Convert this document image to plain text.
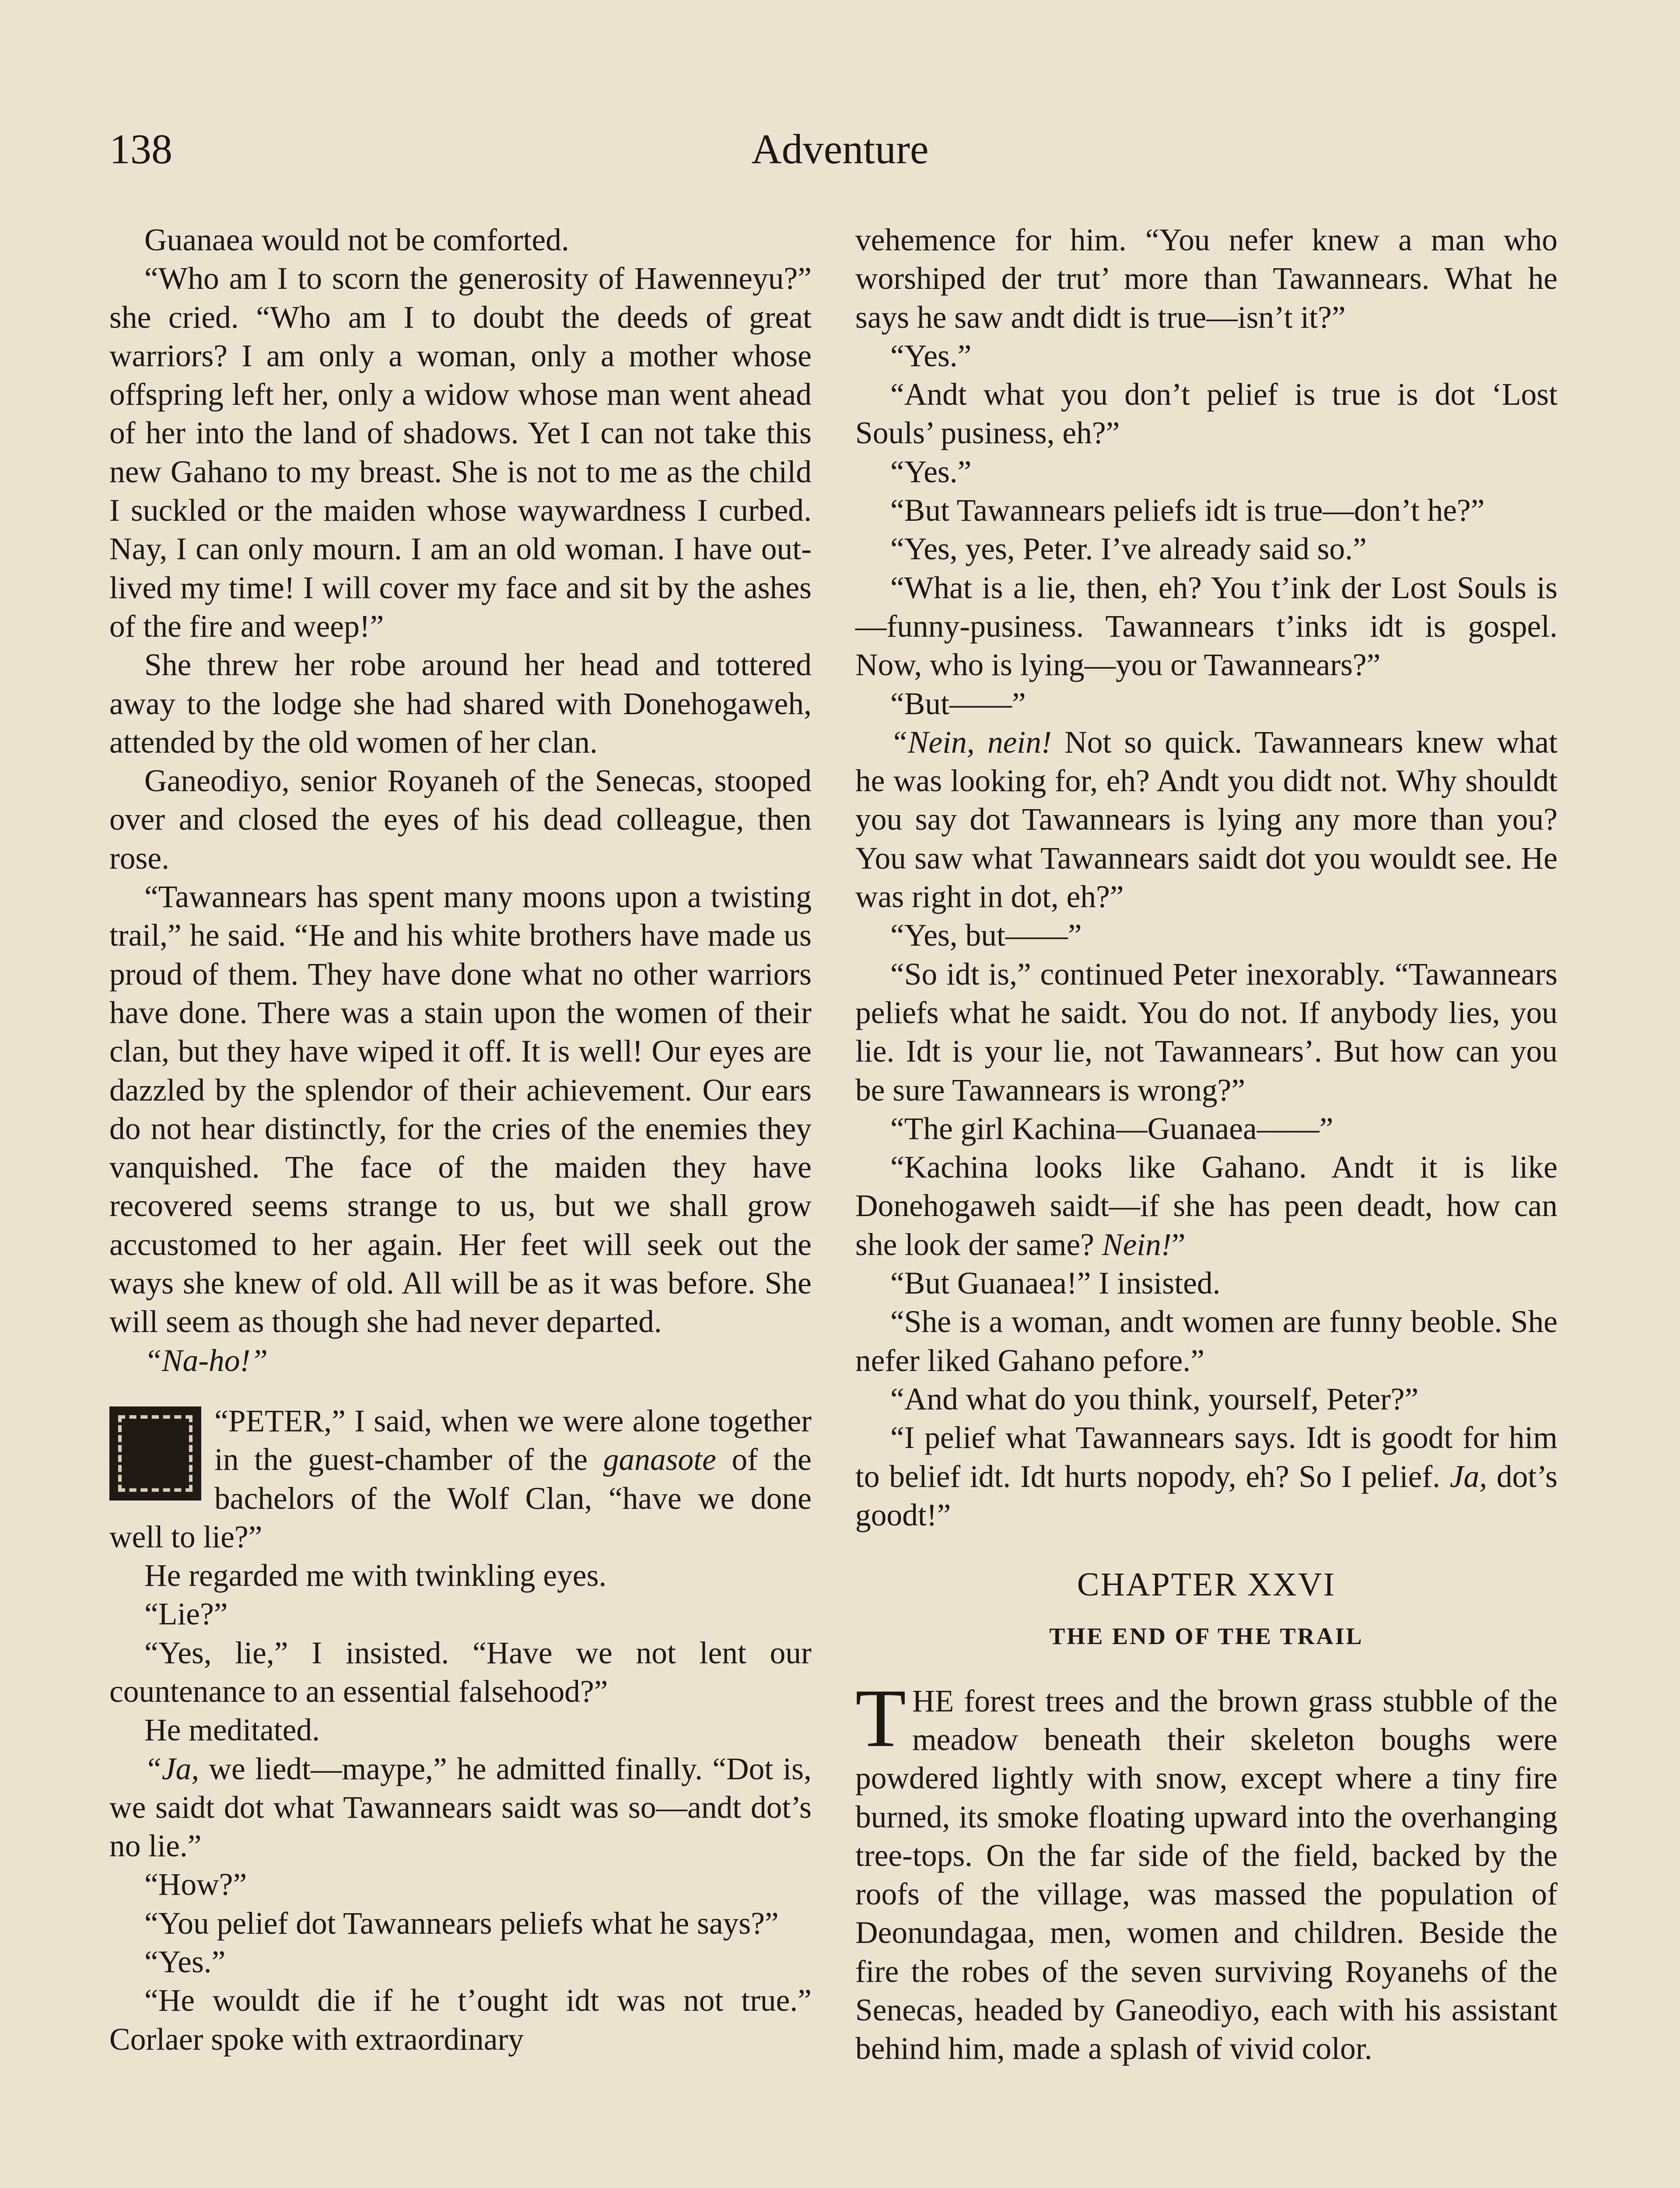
138	Adventure

Guanaea would not be comforted.

“Who am I to scorn the generosity of Hawenneyu?” she cried. “Who am I to doubt the deeds of great warriors? I am only a woman, only a mother whose offspring left her, only a widow whose man went ahead of her into the land of shadows. Yet I can not take this new Gahano to my breast. She is not to me as the child I suckled or the maiden whose waywardness I curbed. Nay, I can only mourn. I am an old woman. I have out-lived my time! I will cover my face and sit by the ashes of the fire and weep!”

She threw her robe around her head and tottered away to the lodge she had shared with Donehogaweh, attended by the old women of her clan.

Ganeodiyo, senior Royaneh of the Senecas, stooped over and closed the eyes of his dead colleague, then rose.

“Tawannears has spent many moons upon a twisting trail,” he said. “He and his white brothers have made us proud of them. They have done what no other warriors have done. There was a stain upon the women of their clan, but they have wiped it off. It is well! Our eyes are dazzled by the splendor of their achievement. Our ears do not hear distinctly, for the cries of the enemies they vanquished. The face of the maiden they have recovered seems strange to us, but we shall grow accustomed to her again. Her feet will seek out the ways she knew of old. All will be as it was before. She will seem as though she had never departed.

“Na-ho!”

“PETER,” I said, when we were alone together in the guest-chamber of the ganasote of the bachelors of the Wolf Clan, “have we done well to lie?”

He regarded me with twinkling eyes.

“Lie?”

“Yes, lie,” I insisted. “Have we not lent our countenance to an essential falsehood?”

He meditated.

“Ja, we liedt—maype,” he admitted finally. “Dot is, we saidt dot what Tawannears saidt was so—andt dot’s no lie.”

“How?”

“You pelief dot Tawannears peliefs what he says?”

“Yes.”

“He wouldt die if he t’ought idt was not true.” Corlaer spoke with extraordinary

vehemence for him. “You nefer knew a man who worshiped der trut’ more than Tawannears. What he says he saw andt didt is true—isn’t it?”

“Yes.”

“Andt what you don’t pelief is true is dot ‘Lost Souls’ pusiness, eh?”

“Yes.”

“But Tawannears peliefs idt is true—don’t he?”

“Yes, yes, Peter. I’ve already said so.”

“What is a lie, then, eh? You t’ink der Lost Souls is—funny-pusiness. Tawannears t’inks idt is gospel. Now, who is lying—you or Tawannears?”

“But——”

“Nein, nein! Not so quick. Tawannears knew what he was looking for, eh? Andt you didt not. Why shouldt you say dot Tawannears is lying any more than you? You saw what Tawannears saidt dot you wouldt see. He was right in dot, eh?”

“Yes, but——”

“So idt is,” continued Peter inexorably. “Tawannears peliefs what he saidt. You do not. If anybody lies, you lie. Idt is your lie, not Tawannears’. But how can you be sure Tawannears is wrong?”

“The girl Kachina—Guanaea——”

“Kachina looks like Gahano. Andt it is like Donehogaweh saidt—if she has peen deadt, how can she look der same? Nein!”

“But Guanaea!” I insisted.

“She is a woman, andt women are funny beoble. She nefer liked Gahano pefore.”

“And what do you think, yourself, Peter?”

“I pelief what Tawannears says. Idt is goodt for him to belief idt. Idt hurts nopody, eh? So I pelief. Ja, dot’s goodt!”

CHAPTER XXVI
THE END OF THE TRAIL

THE forest trees and the brown grass stubble of the meadow beneath their skeleton boughs were powdered lightly with snow, except where a tiny fire burned, its smoke floating upward into the overhanging tree-tops. On the far side of the field, backed by the roofs of the village, was massed the population of Deonundagaa, men, women and children. Beside the fire the robes of the seven surviving Royanehs of the Senecas, headed by Ganeodiyo, each with his assistant behind him, made a splash of vivid color.
